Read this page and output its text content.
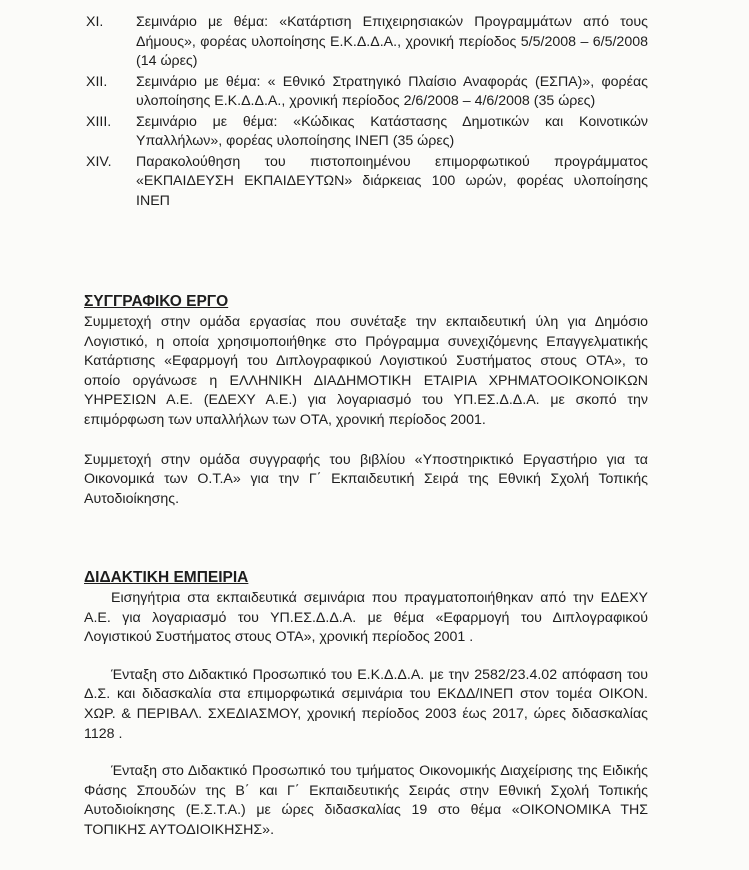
XI.	Σεμινάριο με θέμα: «Κατάρτιση Επιχειρησιακών Προγραμμάτων από τους Δήμους», φορέας υλοποίησης Ε.Κ.Δ.Δ.Α., χρονική περίοδος 5/5/2008 – 6/5/2008 (14 ώρες)
XII.	Σεμινάριο με θέμα: « Εθνικό Στρατηγικό Πλαίσιο Αναφοράς (ΕΣΠΑ)», φορέας υλοποίησης Ε.Κ.Δ.Δ.Α., χρονική περίοδος 2/6/2008 – 4/6/2008 (35 ώρες)
XIII.	Σεμινάριο με θέμα: «Κώδικας Κατάστασης Δημοτικών και Κοινοτικών Υπαλλήλων», φορέας υλοποίησης ΙΝΕΠ (35 ώρες)
XIV.	Παρακολούθηση του πιστοποιημένου επιμορφωτικού προγράμματος «ΕΚΠΑΙΔΕΥΣΗ ΕΚΠΑΙΔΕΥΤΩΝ» διάρκειας 100 ωρών, φορέας υλοποίησης ΙΝΕΠ
ΣΥΓΓΡΑΦΙΚΟ ΕΡΓΟ

Συμμετοχή στην ομάδα εργασίας που συνέταξε την εκπαιδευτική ύλη για Δημόσιο Λογιστικό, η οποία χρησιμοποιήθηκε στο Πρόγραμμα συνεχιζόμενης Επαγγελματικής Κατάρτισης «Εφαρμογή του Διπλογραφικού Λογιστικού Συστήματος στους ΟΤΑ», το οποίο οργάνωσε η ΕΛΛΗΝΙΚΗ ΔΙΑΔΗΜΟΤΙΚΗ ΕΤΑΙΡΙΑ ΧΡΗΜΑΤΟΟΙΚΟΝΟΙΚΩΝ ΥΗΡΕΣΙΩΝ Α.Ε. (ΕΔΕΧΥ Α.Ε.) για λογαριασμό του ΥΠ.ΕΣ.Δ.Δ.Α. με σκοπό την επιμόρφωση των υπαλλήλων των ΟΤΑ, χρονική περίοδος 2001.

Συμμετοχή στην ομάδα συγγραφής του βιβλίου «Υποστηρικτικό Εργαστήριο για τα Οικονομικά των Ο.Τ.Α» για την Γ΄ Εκπαιδευτική Σειρά της Εθνική Σχολή Τοπικής Αυτοδιοίκησης.

ΔΙΔΑΚΤΙΚΗ ΕΜΠΕΙΡΙΑ

Εισηγήτρια στα εκπαιδευτικά σεμινάρια που πραγματοποιήθηκαν από την ΕΔΕΧΥ Α.Ε. για λογαριασμό του ΥΠ.ΕΣ.Δ.Δ.Α. με θέμα «Εφαρμογή του Διπλογραφικού Λογιστικού Συστήματος στους ΟΤΑ», χρονική περίοδος 2001 .

Ένταξη στο Διδακτικό Προσωπικό του Ε.Κ.Δ.Δ.Α. με την 2582/23.4.02 απόφαση του Δ.Σ. και διδασκαλία στα επιμορφωτικά σεμινάρια του ΕΚΔΔ/ΙΝΕΠ στον τομέα ΟΙΚΟΝ. ΧΩΡ. & ΠΕΡΙΒΑΛ. ΣΧΕΔΙΑΣΜΟΥ, χρονική περίοδος 2003 έως 2017, ώρες διδασκαλίας 1128 .

Ένταξη στο Διδακτικό Προσωπικό του τμήματος Οικονομικής Διαχείρισης της Ειδικής Φάσης Σπουδών της Β΄ και Γ΄ Εκπαιδευτικής Σειράς στην Εθνική Σχολή Τοπικής Αυτοδιοίκησης (Ε.Σ.Τ.Α.) με ώρες διδασκαλίας 19 στο θέμα «ΟΙΚΟΝΟΜΙΚΑ ΤΗΣ ΤΟΠΙΚΗΣ ΑΥΤΟΔΙΟΙΚΗΣΗΣ».
